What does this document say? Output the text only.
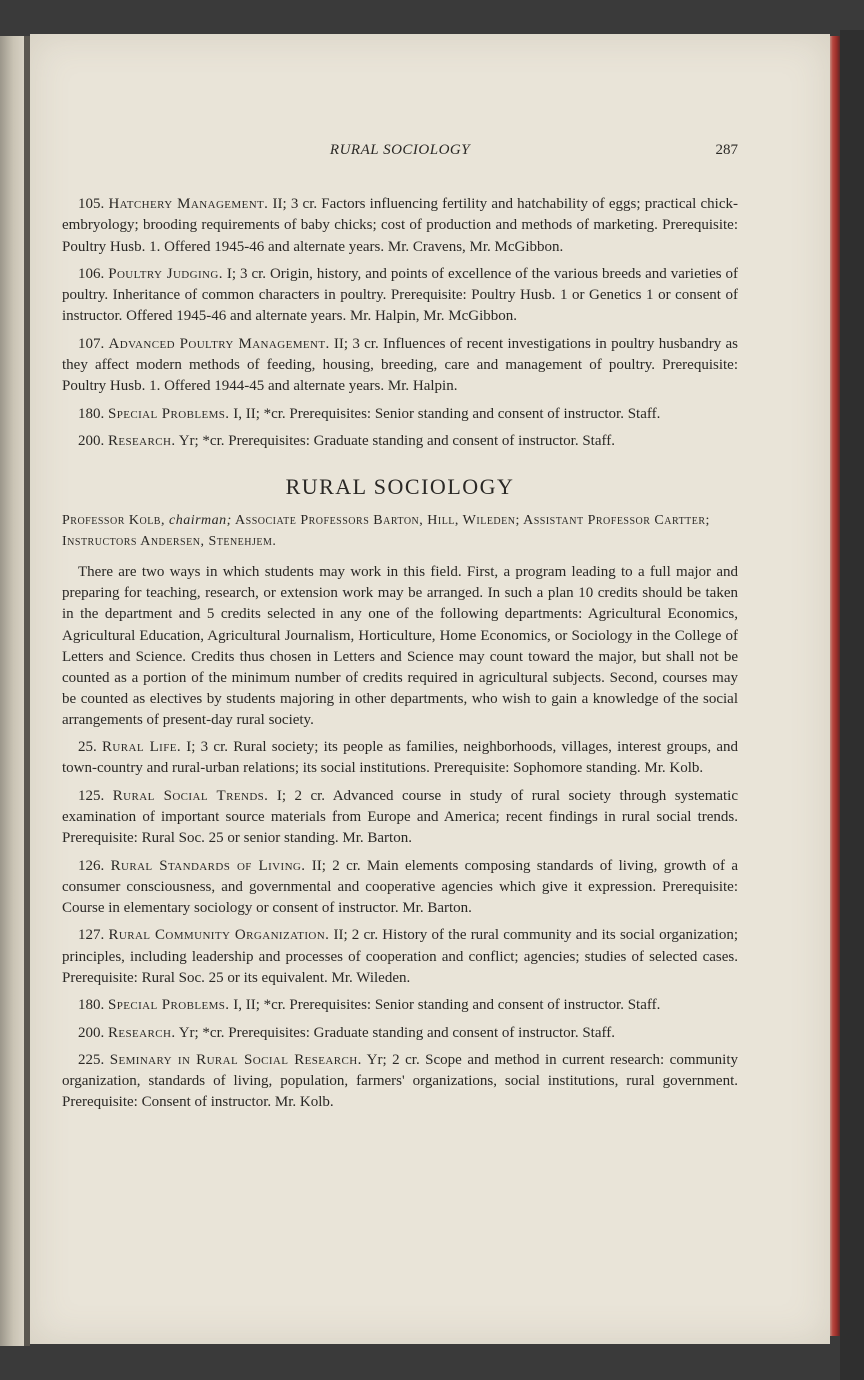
RURAL SOCIOLOGY	287

105. Hatchery Management. II; 3 cr. Factors influencing fertility and hatchability of eggs; practical chick-embryology; brooding requirements of baby chicks; cost of production and methods of marketing. Prerequisite: Poultry Husb. 1. Offered 1945-46 and alternate years. Mr. Cravens, Mr. McGibbon.

106. Poultry Judging. I; 3 cr. Origin, history, and points of excellence of the various breeds and varieties of poultry. Inheritance of common characters in poultry. Prerequisite: Poultry Husb. 1 or Genetics 1 or consent of instructor. Offered 1945-46 and alternate years. Mr. Halpin, Mr. McGibbon.

107. Advanced Poultry Management. II; 3 cr. Influences of recent investigations in poultry husbandry as they affect modern methods of feeding, housing, breeding, care and management of poultry. Prerequisite: Poultry Husb. 1. Offered 1944-45 and alternate years. Mr. Halpin.

180. Special Problems. I, II; *cr. Prerequisites: Senior standing and consent of instructor. Staff.

200. Research. Yr; *cr. Prerequisites: Graduate standing and consent of instructor. Staff.

RURAL SOCIOLOGY

Professor Kolb, chairman; Associate Professors Barton, Hill, Wileden; Assistant Professor Cartter; Instructors Andersen, Stenehjem.

There are two ways in which students may work in this field. First, a program leading to a full major and preparing for teaching, research, or extension work may be arranged. In such a plan 10 credits should be taken in the department and 5 credits selected in any one of the following departments: Agricultural Economics, Agricultural Education, Agricultural Journalism, Horticulture, Home Economics, or Sociology in the College of Letters and Science. Credits thus chosen in Letters and Science may count toward the major, but shall not be counted as a portion of the minimum number of credits required in agricultural subjects. Second, courses may be counted as electives by students majoring in other departments, who wish to gain a knowledge of the social arrangements of present-day rural society.

25. Rural Life. I; 3 cr. Rural society; its people as families, neighborhoods, villages, interest groups, and town-country and rural-urban relations; its social institutions. Prerequisite: Sophomore standing. Mr. Kolb.

125. Rural Social Trends. I; 2 cr. Advanced course in study of rural society through systematic examination of important source materials from Europe and America; recent findings in rural social trends. Prerequisite: Rural Soc. 25 or senior standing. Mr. Barton.

126. Rural Standards of Living. II; 2 cr. Main elements composing standards of living, growth of a consumer consciousness, and governmental and cooperative agencies which give it expression. Prerequisite: Course in elementary sociology or consent of instructor. Mr. Barton.

127. Rural Community Organization. II; 2 cr. History of the rural community and its social organization; principles, including leadership and processes of cooperation and conflict; agencies; studies of selected cases. Prerequisite: Rural Soc. 25 or its equivalent. Mr. Wileden.

180. Special Problems. I, II; *cr. Prerequisites: Senior standing and consent of instructor. Staff.

200. Research. Yr; *cr. Prerequisites: Graduate standing and consent of instructor. Staff.

225. Seminary in Rural Social Research. Yr; 2 cr. Scope and method in current research: community organization, standards of living, population, farmers' organizations, social institutions, rural government. Prerequisite: Consent of instructor. Mr. Kolb.
